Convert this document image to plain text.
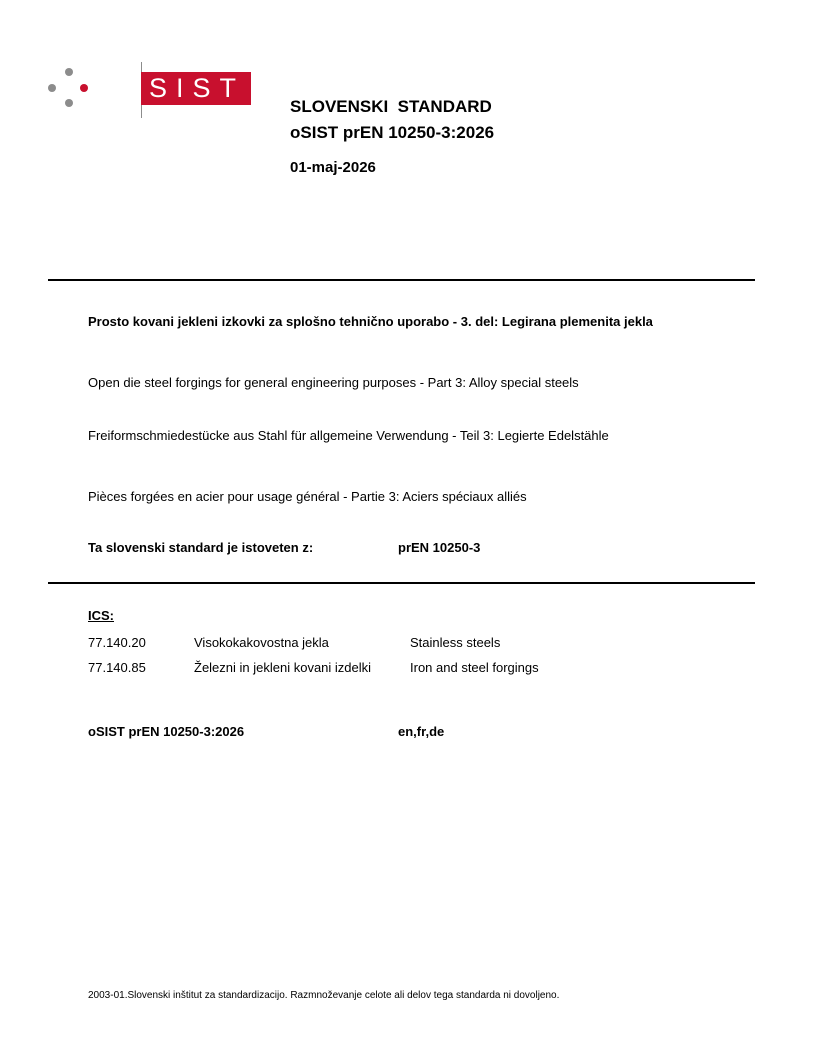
SIST
SLOVENSKI  STANDARD
oSIST prEN 10250-3:2026
01-maj-2026
Prosto kovani jekleni izkovki za splošno tehnično uporabo - 3. del: Legirana plemenita jekla
Open die steel forgings for general engineering purposes - Part 3: Alloy special steels
Freiformschmiedestücke aus Stahl für allgemeine Verwendung - Teil 3: Legierte Edelstähle
Pièces forgées en acier pour usage général - Partie 3: Aciers spéciaux alliés
Ta slovenski standard je istoveten z:	prEN 10250-3
ICS:
77.140.20	Visokokakovostna jekla	Stainless steels
77.140.85	Železni in jekleni kovani izdelki	Iron and steel forgings
oSIST prEN 10250-3:2026	en,fr,de
2003-01.Slovenski inštitut za standardizacijo. Razmnoževanje celote ali delov tega standarda ni dovoljeno.
